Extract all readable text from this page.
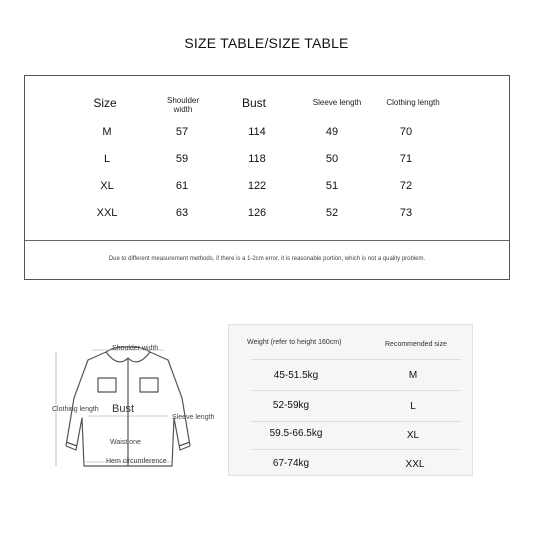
SIZE TABLE/SIZE TABLE
Size	Shoulder width	Bust	Sleeve length	Clothing length
M	57	114	49	70
L	59	118	50	71
XL	61	122	51	72
XXL	63	126	52	73
Due to different measurement methods, if there is a 1-2cm error, it is reasonable portion, which is not a quality problem.
Shoulder width
Clothing length Bust
Sleeve length
Waist one
Hem circumference
Weight (refer to height 160cm)	Recommended size
45-51.5kg	M
52-59kg	L
59.5-66.5kg	XL
67-74kg	XXL
